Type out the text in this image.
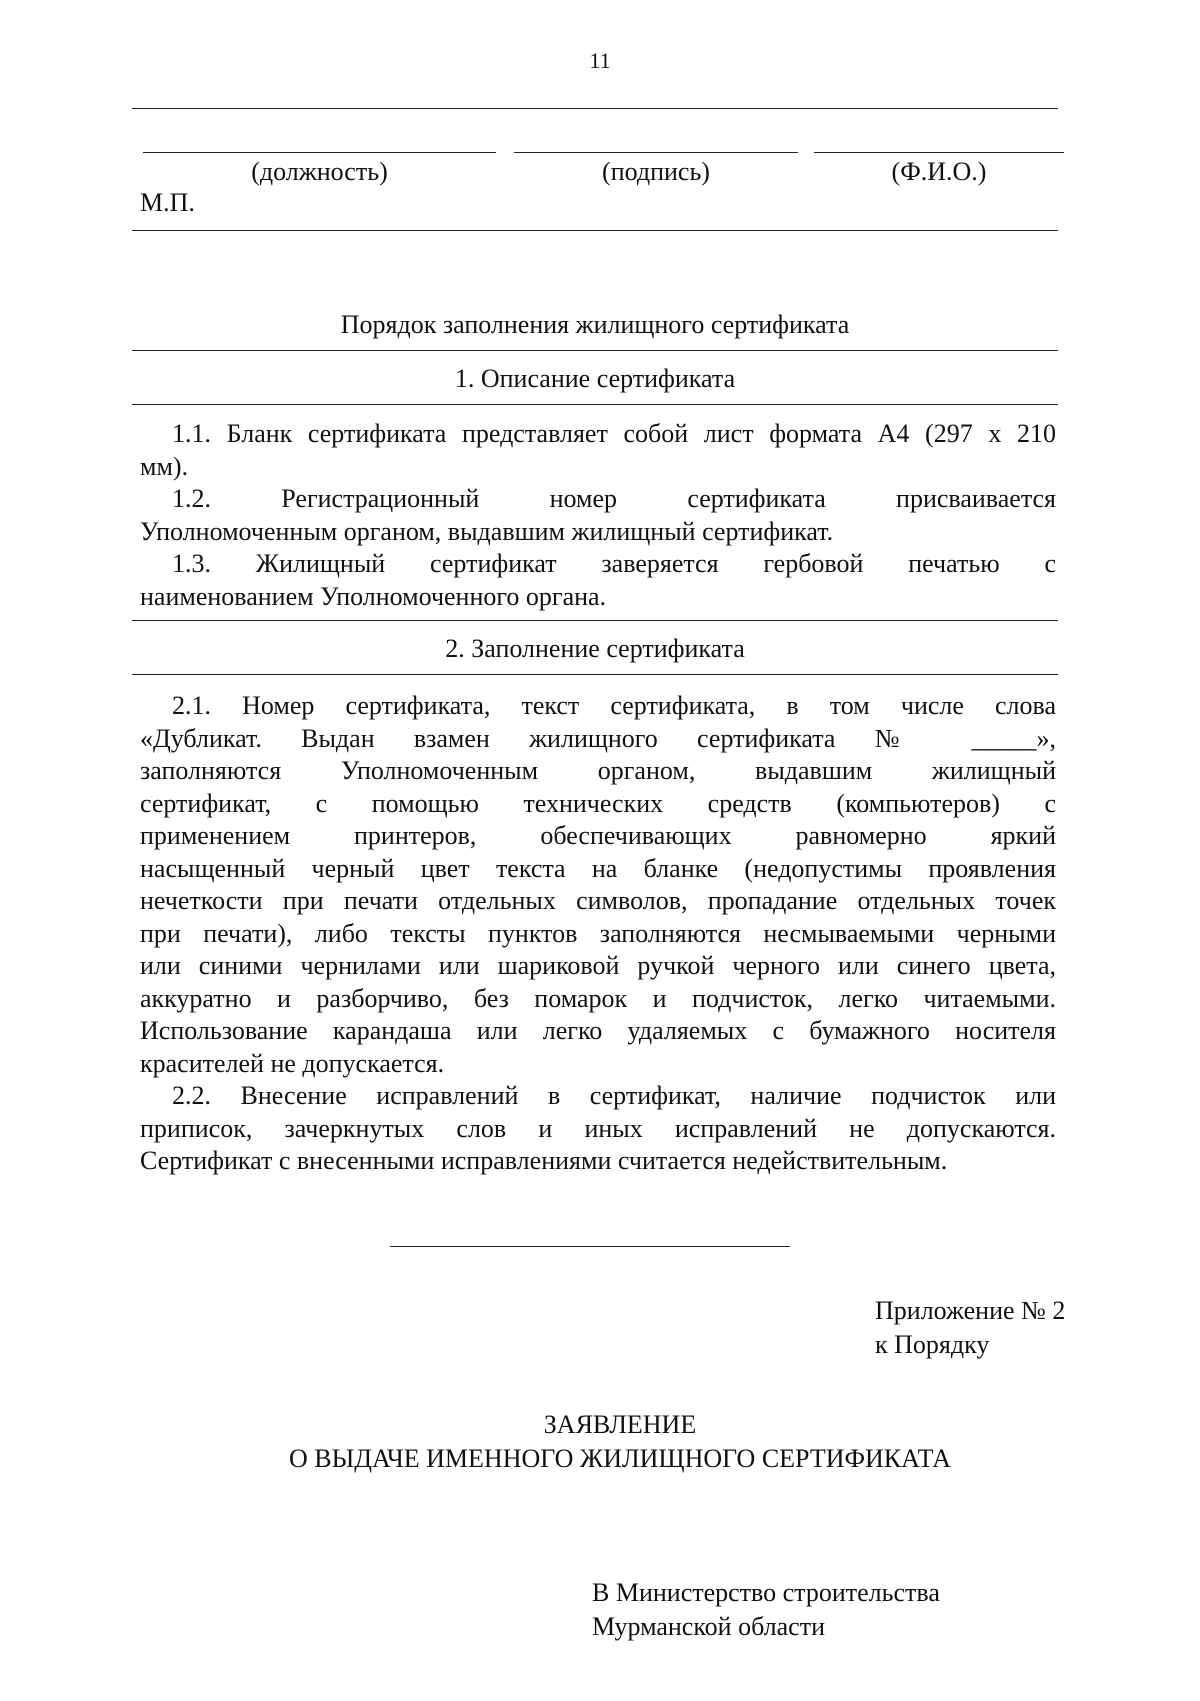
11
(должность)	(подпись)	(Ф.И.О.)
М.П.
Порядок заполнения жилищного сертификата
1. Описание сертификата
1.1. Бланк сертификата представляет собой лист формата А4 (297 х 210
мм).
1.2. Регистрационный номер сертификата присваивается
Уполномоченным органом, выдавшим жилищный сертификат.
1.3. Жилищный сертификат заверяется гербовой печатью с
наименованием Уполномоченного органа.
2. Заполнение сертификата
2.1. Номер сертификата, текст сертификата, в том числе слова
«Дубликат. Выдан взамен жилищного сертификата № _____»,
заполняются Уполномоченным органом, выдавшим жилищный
сертификат, с помощью технических средств (компьютеров) с
применением принтеров, обеспечивающих равномерно яркий
насыщенный черный цвет текста на бланке (недопустимы проявления
нечеткости при печати отдельных символов, пропадание отдельных точек
при печати), либо тексты пунктов заполняются несмываемыми черными
или синими чернилами или шариковой ручкой черного или синего цвета,
аккуратно и разборчиво, без помарок и подчисток, легко читаемыми.
Использование карандаша или легко удаляемых с бумажного носителя
красителей не допускается.
2.2. Внесение исправлений в сертификат, наличие подчисток или
приписок, зачеркнутых слов и иных исправлений не допускаются.
Сертификат с внесенными исправлениями считается недействительным.
Приложение № 2
к Порядку
ЗАЯВЛЕНИЕ
О ВЫДАЧЕ ИМЕННОГО ЖИЛИЩНОГО СЕРТИФИКАТА
В Министерство строительства
Мурманской области
